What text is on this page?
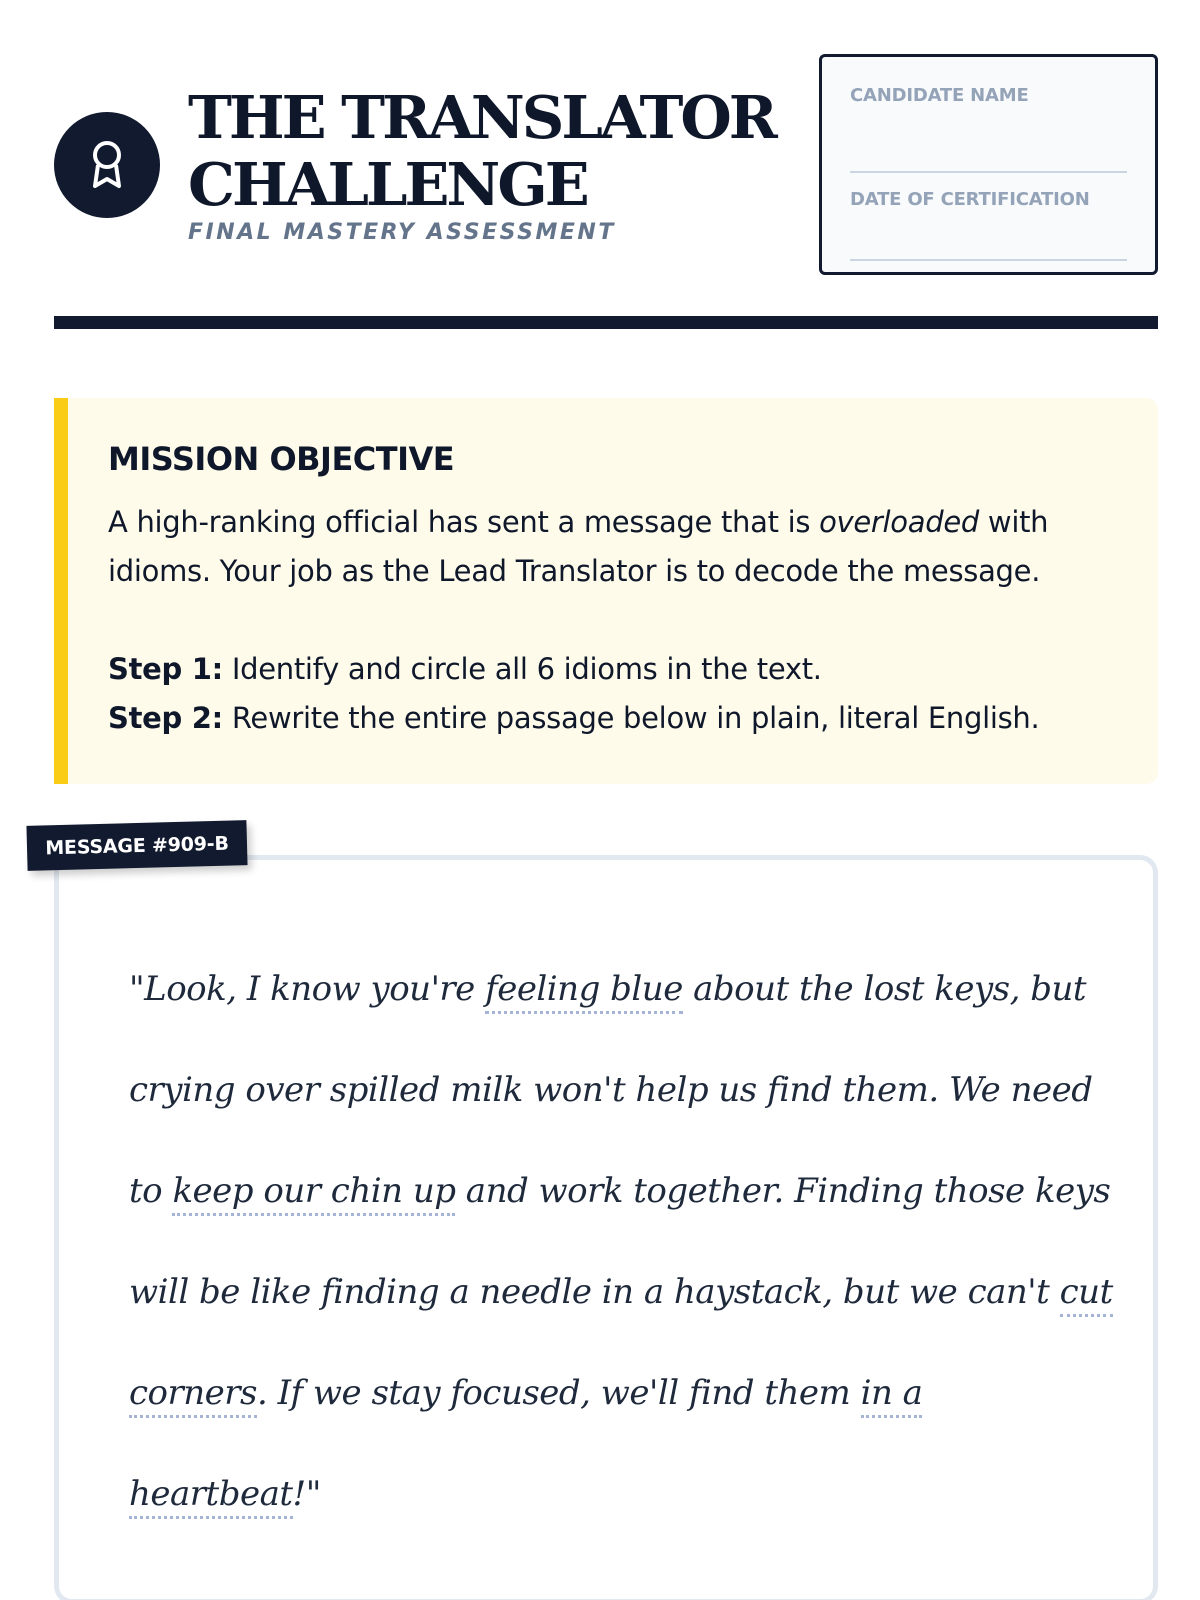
THE TRANSLATOR
CHALLENGE
FINAL MASTERY ASSESSMENT
CANDIDATE NAME
DATE OF CERTIFICATION
MISSION OBJECTIVE
A high-ranking official has sent a message that is overloaded with idioms. Your job as the Lead Translator is to decode the message.
Step 1: Identify and circle all 6 idioms in the text.
Step 2: Rewrite the entire passage below in plain, literal English.
"Look, I know you're feeling blue about the lost keys, but crying over spilled milk won't help us find them. We need to keep our chin up and work together. Finding those keys will be like finding a needle in a haystack, but we can't cut corners. If we stay focused, we'll find them in a heartbeat!"
MESSAGE #909-B
